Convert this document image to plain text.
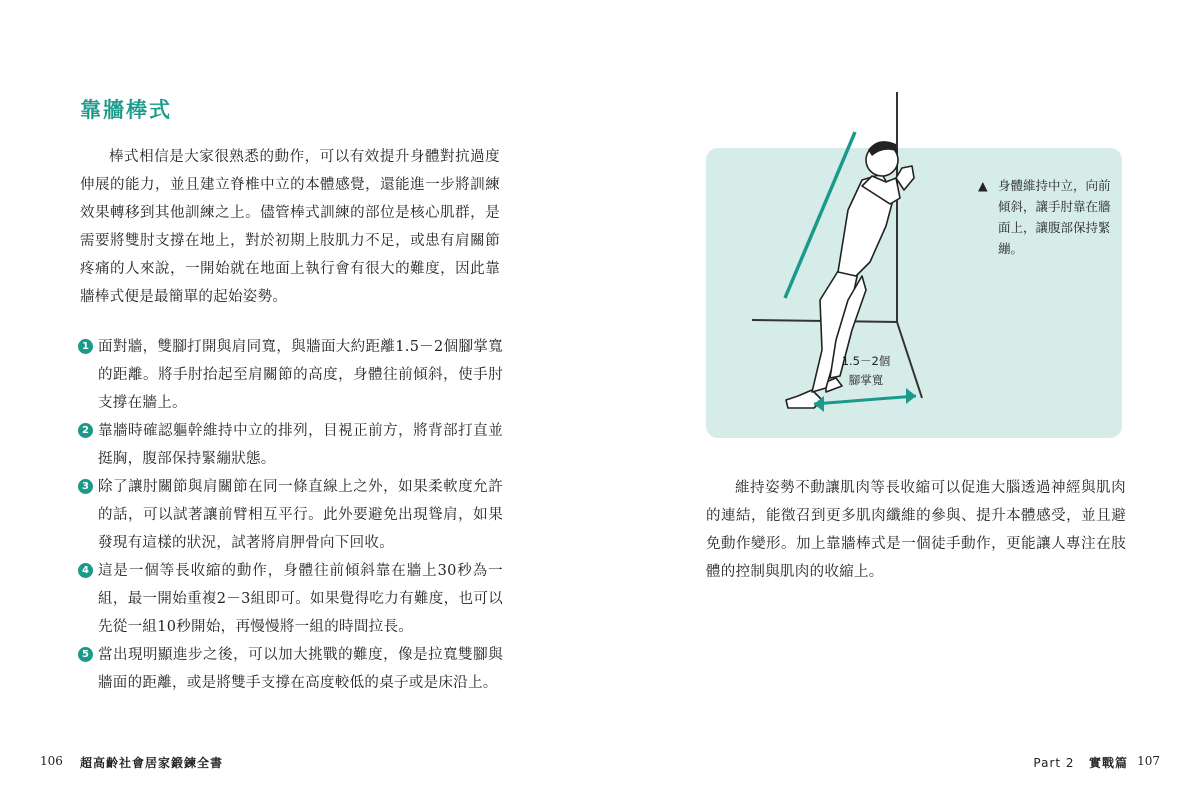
靠牆棒式

棒式相信是大家很熟悉的動作，可以有效提升身體對抗過度伸展的能力，並且建立脊椎中立的本體感覺，還能進一步將訓練效果轉移到其他訓練之上。儘管棒式訓練的部位是核心肌群，是需要將雙肘支撐在地上，對於初期上肢肌力不足，或患有肩關節疼痛的人來說，一開始就在地面上執行會有很大的難度，因此靠牆棒式便是最簡單的起始姿勢。

1 面對牆，雙腳打開與肩同寬，與牆面大約距離1.5－2個腳掌寬的距離。將手肘抬起至肩關節的高度，身體往前傾斜，使手肘支撐在牆上。
2 靠牆時確認軀幹維持中立的排列，目視正前方，將背部打直並挺胸，腹部保持緊繃狀態。
3 除了讓肘關節與肩關節在同一條直線上之外，如果柔軟度允許的話，可以試著讓前臂相互平行。此外要避免出現聳肩，如果發現有這樣的狀況，試著將肩胛骨向下回收。
4 這是一個等長收縮的動作，身體往前傾斜靠在牆上30秒為一組，最一開始重複2－3組即可。如果覺得吃力有難度，也可以先從一組10秒開始，再慢慢將一組的時間拉長。
5 當出現明顯進步之後，可以加大挑戰的難度，像是拉寬雙腳與牆面的距離，或是將雙手支撐在高度較低的桌子或是床沿上。
106 超高齡社會居家鍛鍊全書
▲ 身體維持中立，向前傾斜，讓手肘靠在牆面上，讓腹部保持緊繃。
1.5－2個
腳掌寬

維持姿勢不動讓肌肉等長收縮可以促進大腦透過神經與肌肉的連結，能徵召到更多肌肉纖維的參與、提升本體感受，並且避免動作變形。加上靠牆棒式是一個徒手動作，更能讓人專注在肢體的控制與肌肉的收縮上。

Part 2 實戰篇 107
